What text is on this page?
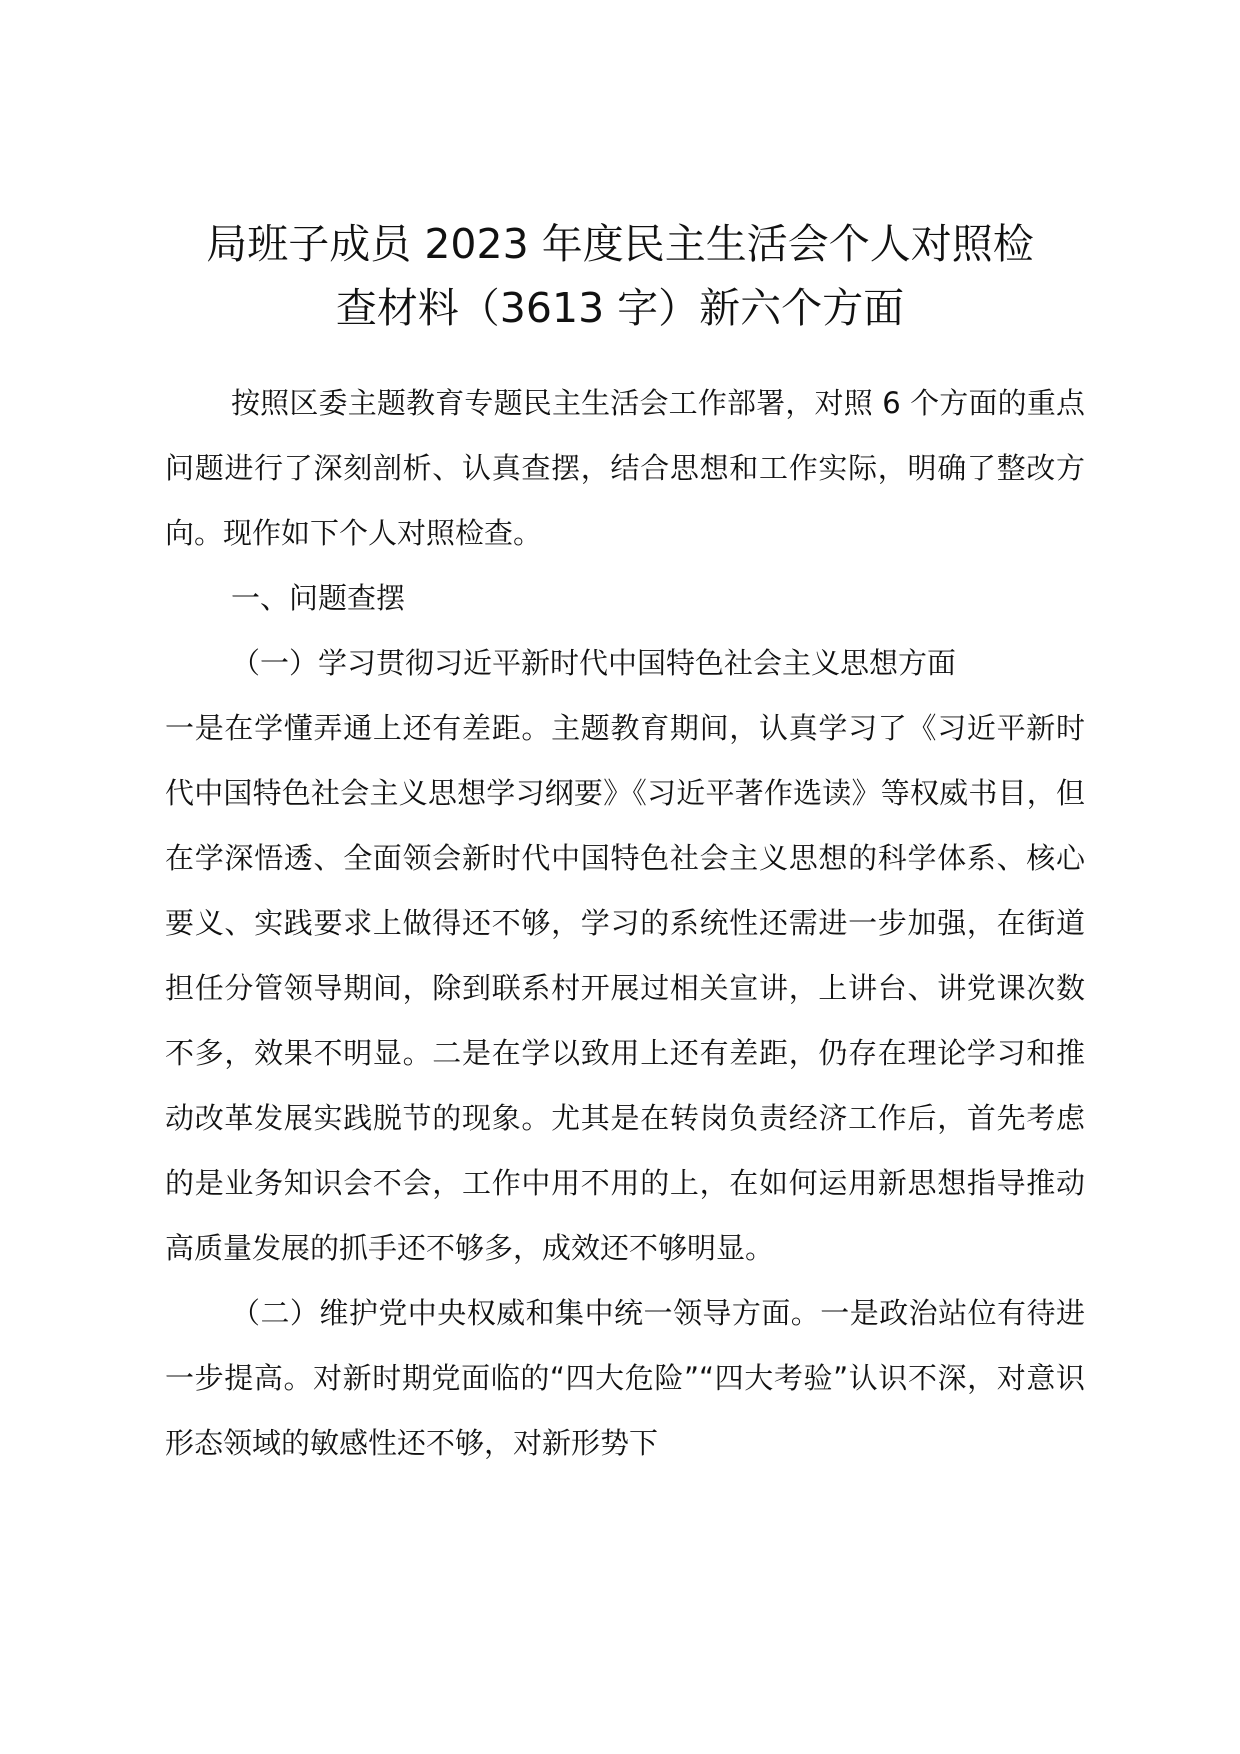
局班子成员 2023 年度民主生活会个人对照检
查材料（3613 字）新六个方面

按照区委主题教育专题民主生活会工作部署，对照 6 个方面的重点问题进行了深刻剖析、认真查摆，结合思想和工作实际，明确了整改方向。现作如下个人对照检查。

一、问题查摆

（一）学习贯彻习近平新时代中国特色社会主义思想方面

一是在学懂弄通上还有差距。主题教育期间，认真学习了《习近平新时代中国特色社会主义思想学习纲要》《习近平著作选读》等权威书目，但在学深悟透、全面领会新时代中国特色社会主义思想的科学体系、核心要义、实践要求上做得还不够，学习的系统性还需进一步加强，在街道担任分管领导期间，除到联系村开展过相关宣讲，上讲台、讲党课次数不多，效果不明显。二是在学以致用上还有差距，仍存在理论学习和推动改革发展实践脱节的现象。尤其是在转岗负责经济工作后，首先考虑的是业务知识会不会，工作中用不用的上，在如何运用新思想指导推动高质量发展的抓手还不够多，成效还不够明显。

（二）维护党中央权威和集中统一领导方面。一是政治站位有待进一步提高。对新时期党面临的“四大危险”“四大考验”认识不深，对意识形态领域的敏感性还不够，对新形势下
